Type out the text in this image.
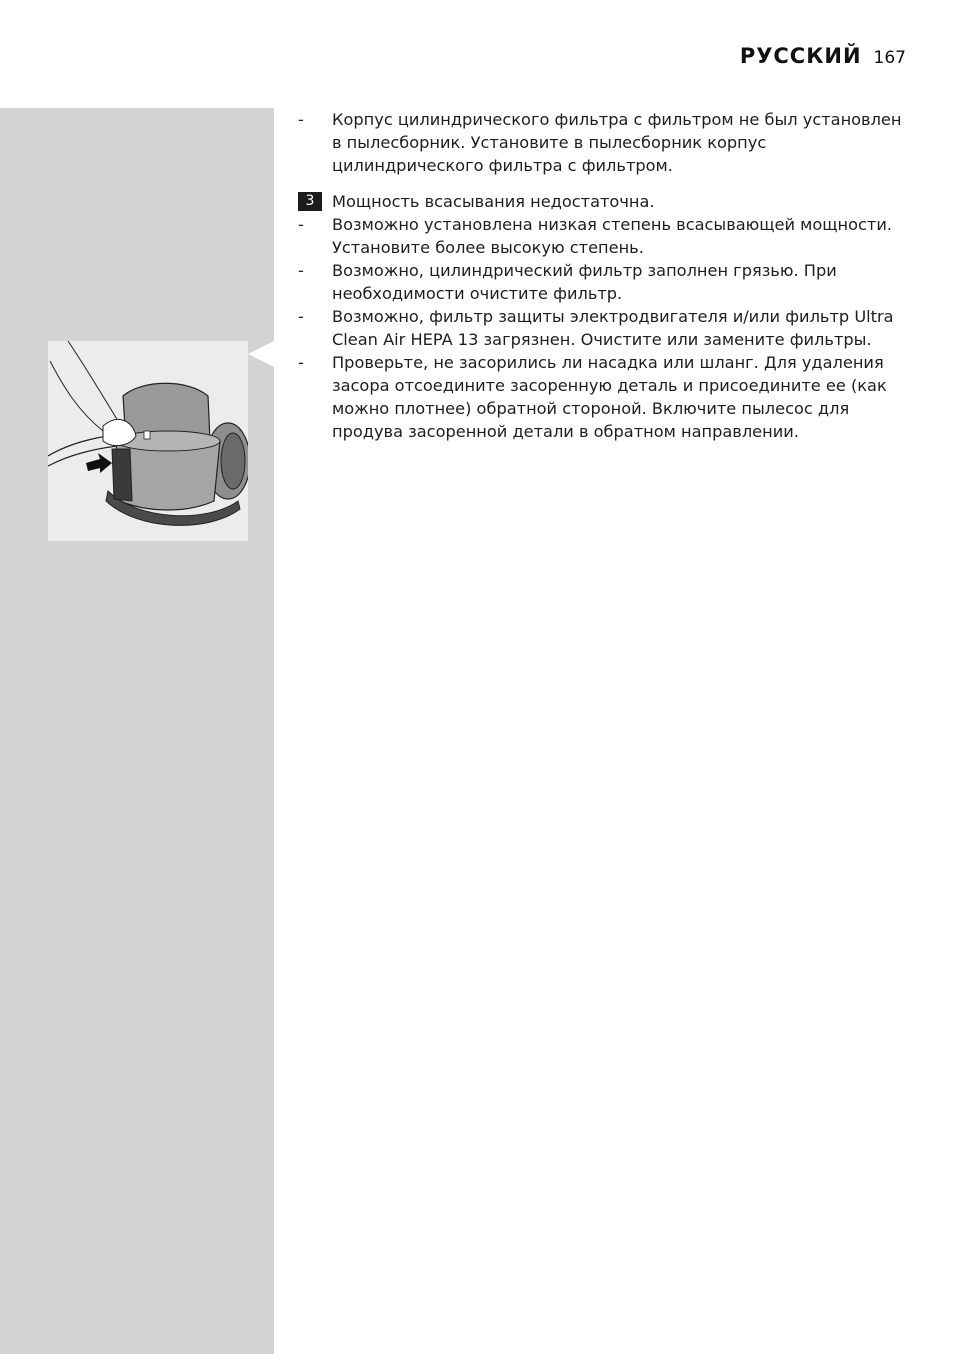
РУССКИЙ 167
-	Корпус цилиндрического фильтра с фильтром не был установлен в пылесборник. Установите в пылесборник корпус цилиндрического фильтра с фильтром.
3	Мощность всасывания недостаточна.
-	Возможно установлена низкая степень всасывающей мощности. Установите более высокую степень.
-	Возможно, цилиндрический фильтр заполнен грязью. При необходимости очистите фильтр.
-	Возможно, фильтр защиты электродвигателя и/или фильтр Ultra Clean Air HEPA 13 загрязнен. Очистите или замените фильтры.
-	Проверьте, не засорились ли насадка или шланг. Для удаления засора отсоедините засоренную деталь и присоедините ее (как можно плотнее) обратной стороной. Включите пылесос для продува засоренной детали в обратном направлении.
